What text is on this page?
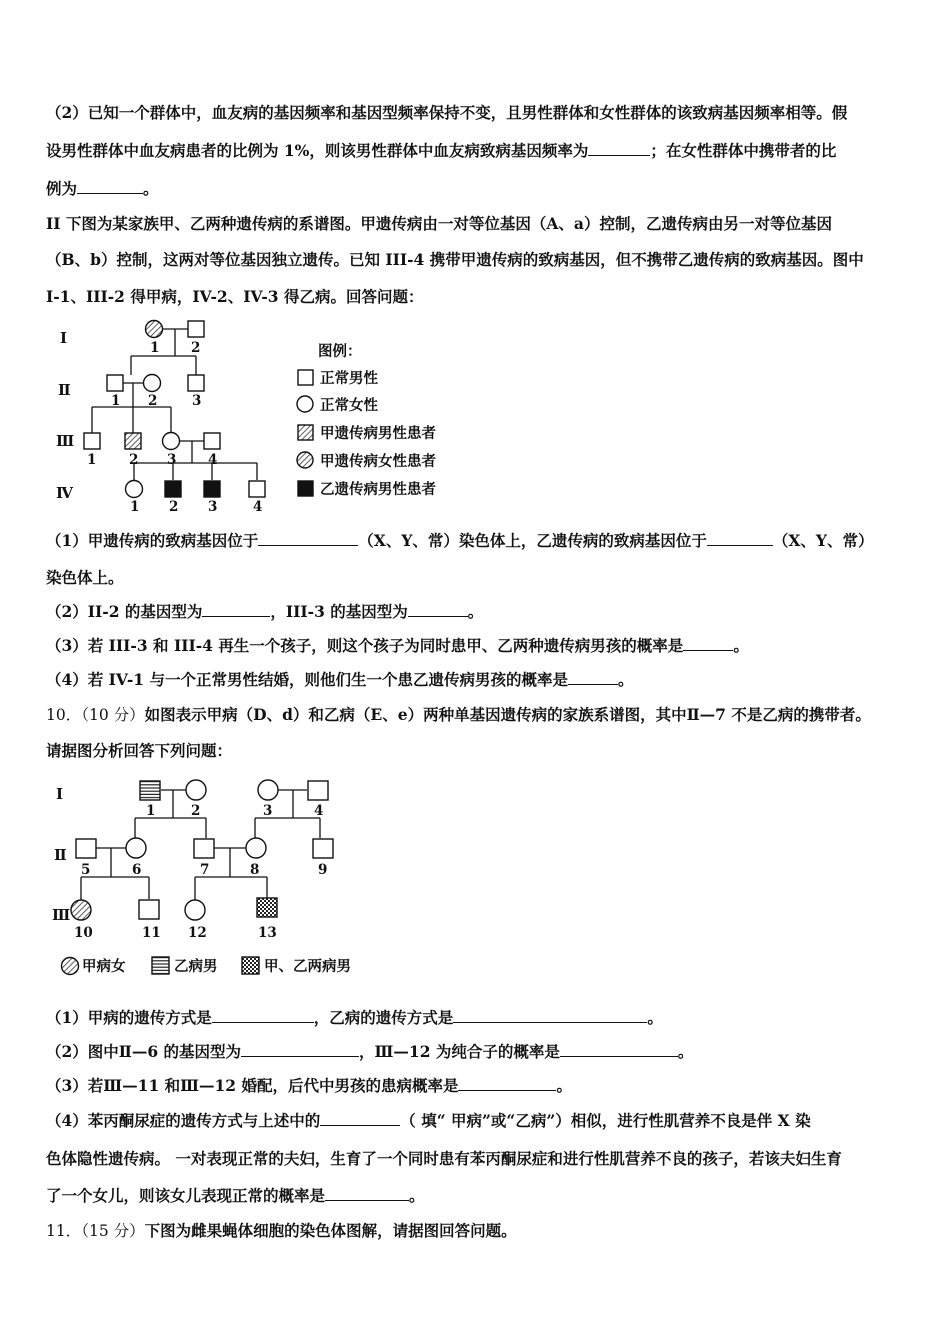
（2）已知一个群体中，血友病的基因频率和基因型频率保持不变，且男性群体和女性群体的该致病基因频率相等。假
设男性群体中血友病患者的比例为 1%，则该男性群体中血友病致病基因频率为	；在女性群体中携带者的比
例为	。
II 下图为某家族甲、乙两种遗传病的系谱图。甲遗传病由一对等位基因（A、a）控制，乙遗传病由另一对等位基因
（B、b）控制，这两对等位基因独立遗传。已知 III-4 携带甲遗传病的致病基因，但不携带乙遗传病的致病基因。图中
I-1、III-2 得甲病，IV-2、IV-3 得乙病。回答问题：
Ⅰ
Ⅱ
Ⅲ
Ⅳ
1 2
1 2	3
1 2 3 4
1 2 3	4
图例：
正常男性
正常女性
甲遗传病男性患者
甲遗传病女性患者
乙遗传病男性患者
（1）甲遗传病的致病基因位于	（X、Y、常）染色体上，乙遗传病的致病基因位于	（X、Y、常）
染色体上。
（2）II-2 的基因型为	，III-3 的基因型为	。
（3）若 III-3 和 III-4 再生一个孩子，则这个孩子为同时患甲、乙两种遗传病男孩的概率是	。
（4）若 IV-1 与一个正常男性结婚，则他们生一个患乙遗传病男孩的概率是	。
10．（10 分）如图表示甲病（D、d）和乙病（E、e）两种单基因遗传病的家族系谱图，其中Ⅱ—7 不是乙病的携带者。
请据图分析回答下列问题：
Ⅰ
Ⅱ
Ⅲ
1	2	3	4
5	6	7	8	9
10	11 12	13
甲病女	乙病男	甲、乙两病男
（1）甲病的遗传方式是	，乙病的遗传方式是	。
（2）图中Ⅱ—6 的基因型为	，Ⅲ—12 为纯合子的概率是	。
（3）若Ⅲ—11 和Ⅲ—12 婚配，后代中男孩的患病概率是	。
（4）苯丙酮尿症的遗传方式与上述中的	（ 填“ 甲病”或“乙病”）相似，进行性肌营养不良是伴 X 染
色体隐性遗传病。 一对表现正常的夫妇，生育了一个同时患有苯丙酮尿症和进行性肌营养不良的孩子，若该夫妇生育
了一个女儿，则该女儿表现正常的概率是	。
11．（15 分）下图为雌果蝇体细胞的染色体图解，请据图回答问题。
